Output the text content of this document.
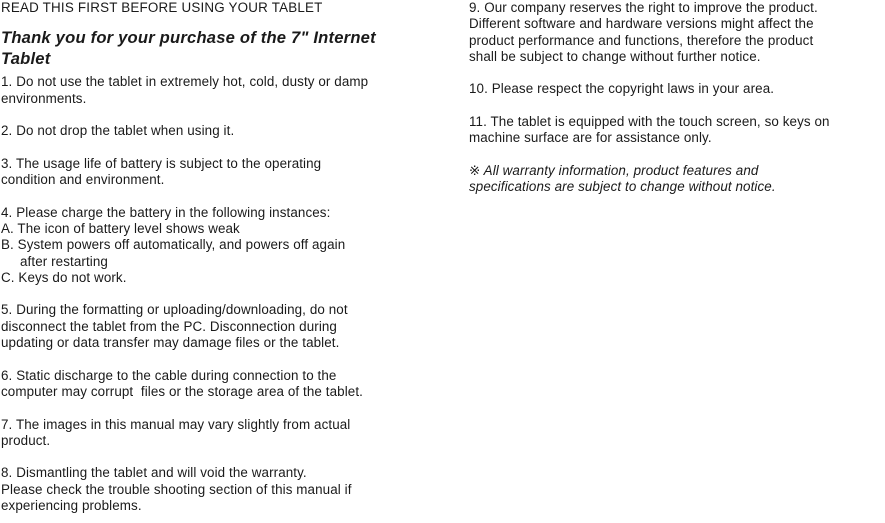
READ THIS FIRST BEFORE USING YOUR TABLET
Thank you for your purchase of the 7" Internet
Tablet
1. Do not use the tablet in extremely hot, cold, dusty or damp
environments.
2. Do not drop the tablet when using it.
3. The usage life of battery is subject to the operating
condition and environment.
4. Please charge the battery in the following instances:
A. The icon of battery level shows weak
B. System powers off automatically, and powers off again
after restarting
C. Keys do not work.
5. During the formatting or uploading/downloading, do not
disconnect the tablet from the PC. Disconnection during
updating or data transfer may damage files or the tablet.
6. Static discharge to the cable during connection to the
computer may corrupt  files or the storage area of the tablet.
7. The images in this manual may vary slightly from actual
product.
8. Dismantling the tablet and will void the warranty.
Please check the trouble shooting section of this manual if
experiencing problems.
9. Our company reserves the right to improve the product.
Different software and hardware versions might affect the
product performance and functions, therefore the product
shall be subject to change without further notice.
10. Please respect the copyright laws in your area.
11. The tablet is equipped with the touch screen, so keys on
machine surface are for assistance only.
※ All warranty information, product features and
specifications are subject to change without notice.
